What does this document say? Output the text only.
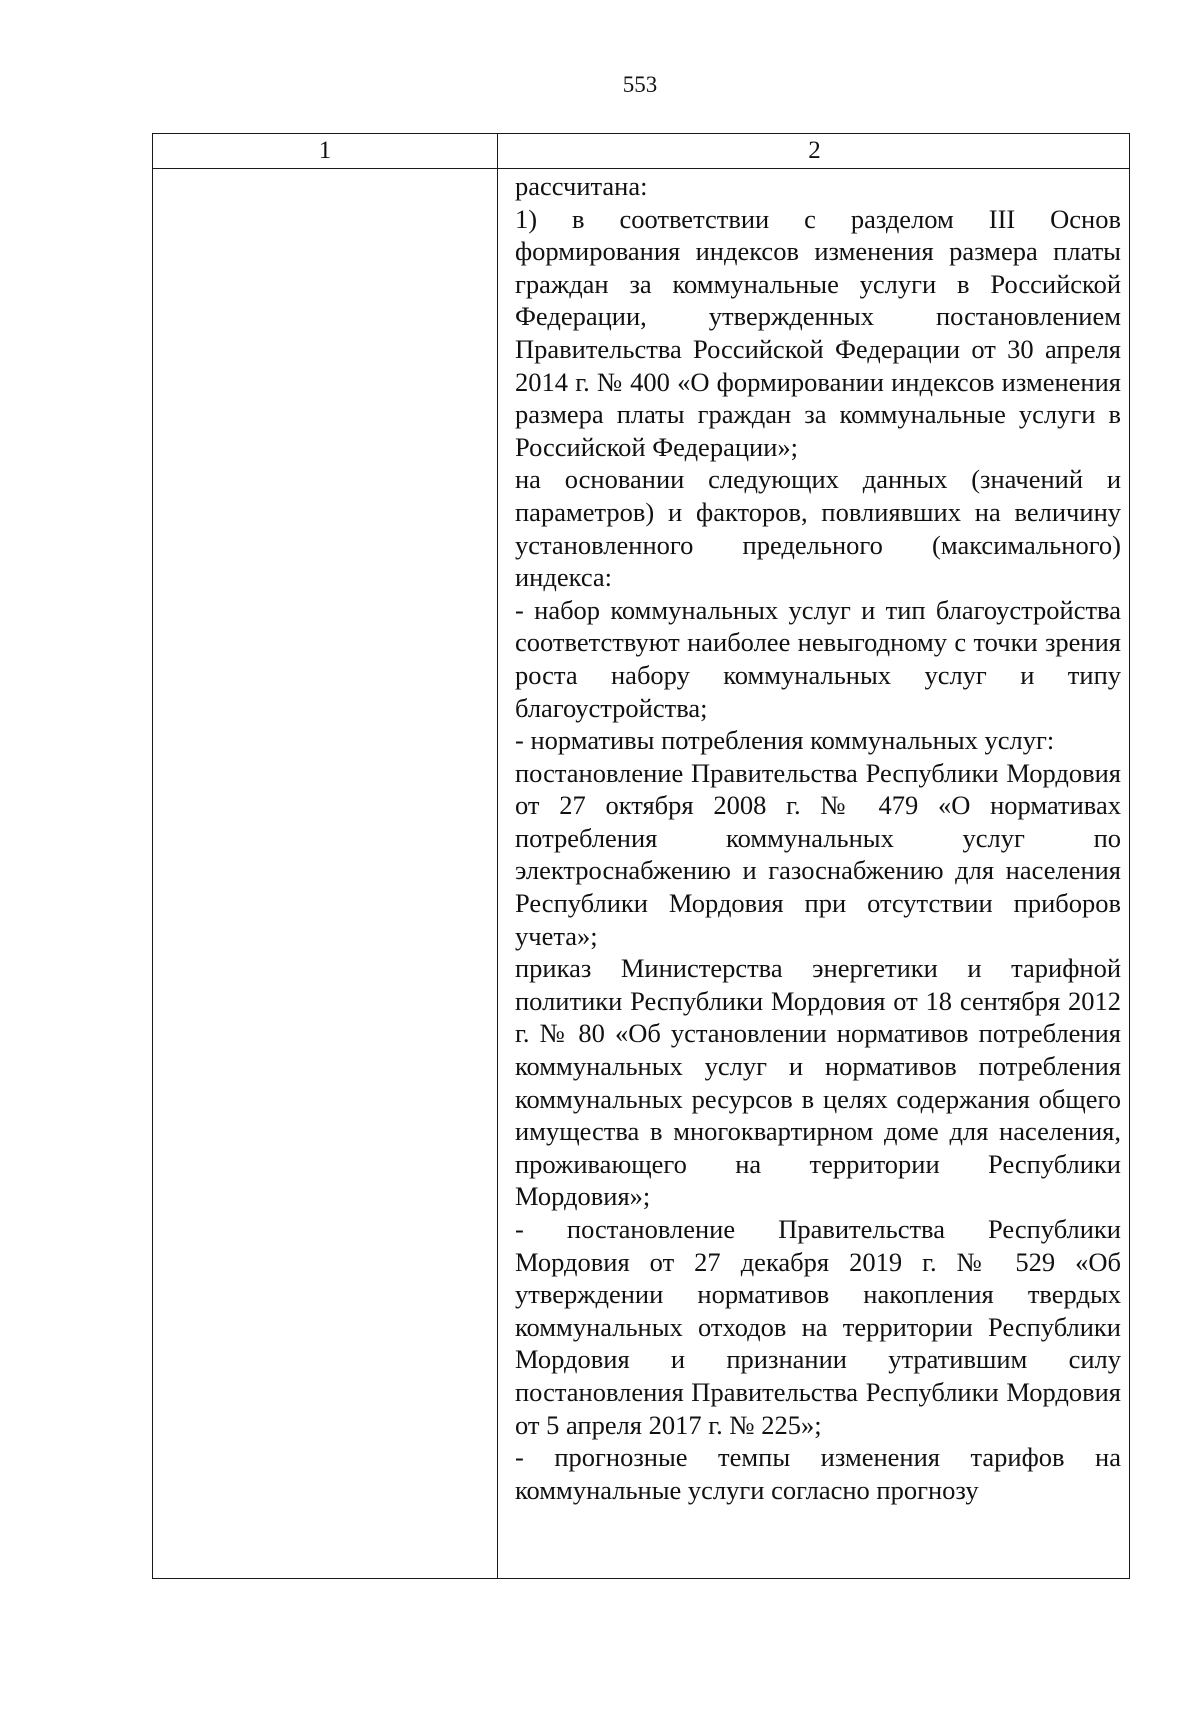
553
1	2

рассчитана:

1) в соответствии с разделом III Основ формирования индексов изменения размера платы граждан за коммунальные услуги в Российской Федерации, утвержденных постановлением Правительства Российской Федерации от 30 апреля 2014 г. № 400 «О формировании индексов изменения размера платы граждан за коммунальные услуги в Российской Федерации»;

на основании следующих данных (значений и параметров) и факторов, повлиявших на величину установленного предельного (максимального) индекса:

- набор коммунальных услуг и тип благоустройства соответствуют наиболее невыгодному с точки зрения роста набору коммунальных услуг и типу благоустройства;

- нормативы потребления коммунальных услуг:

постановление Правительства Республики Мордовия от 27 октября 2008 г. № 479 «О нормативах потребления коммунальных услуг по электроснабжению и газоснабжению для населения Республики Мордовия при отсутствии приборов учета»;

приказ Министерства энергетики и тарифной политики Республики Мордовия от 18 сентября 2012 г. № 80 «Об установлении нормативов потребления коммунальных услуг и нормативов потребления коммунальных ресурсов в целях содержания общего имущества в многоквартирном доме для населения, проживающего на территории Республики Мордовия»;

- постановление Правительства Республики Мордовия от 27 декабря 2019 г. № 529 «Об утверждении нормативов накопления твердых коммунальных отходов на территории Республики Мордовия и признании утратившим силу постановления Правительства Республики Мордовия от 5 апреля 2017 г. № 225»;

- прогнозные темпы изменения тарифов на коммунальные услуги согласно прогнозу
